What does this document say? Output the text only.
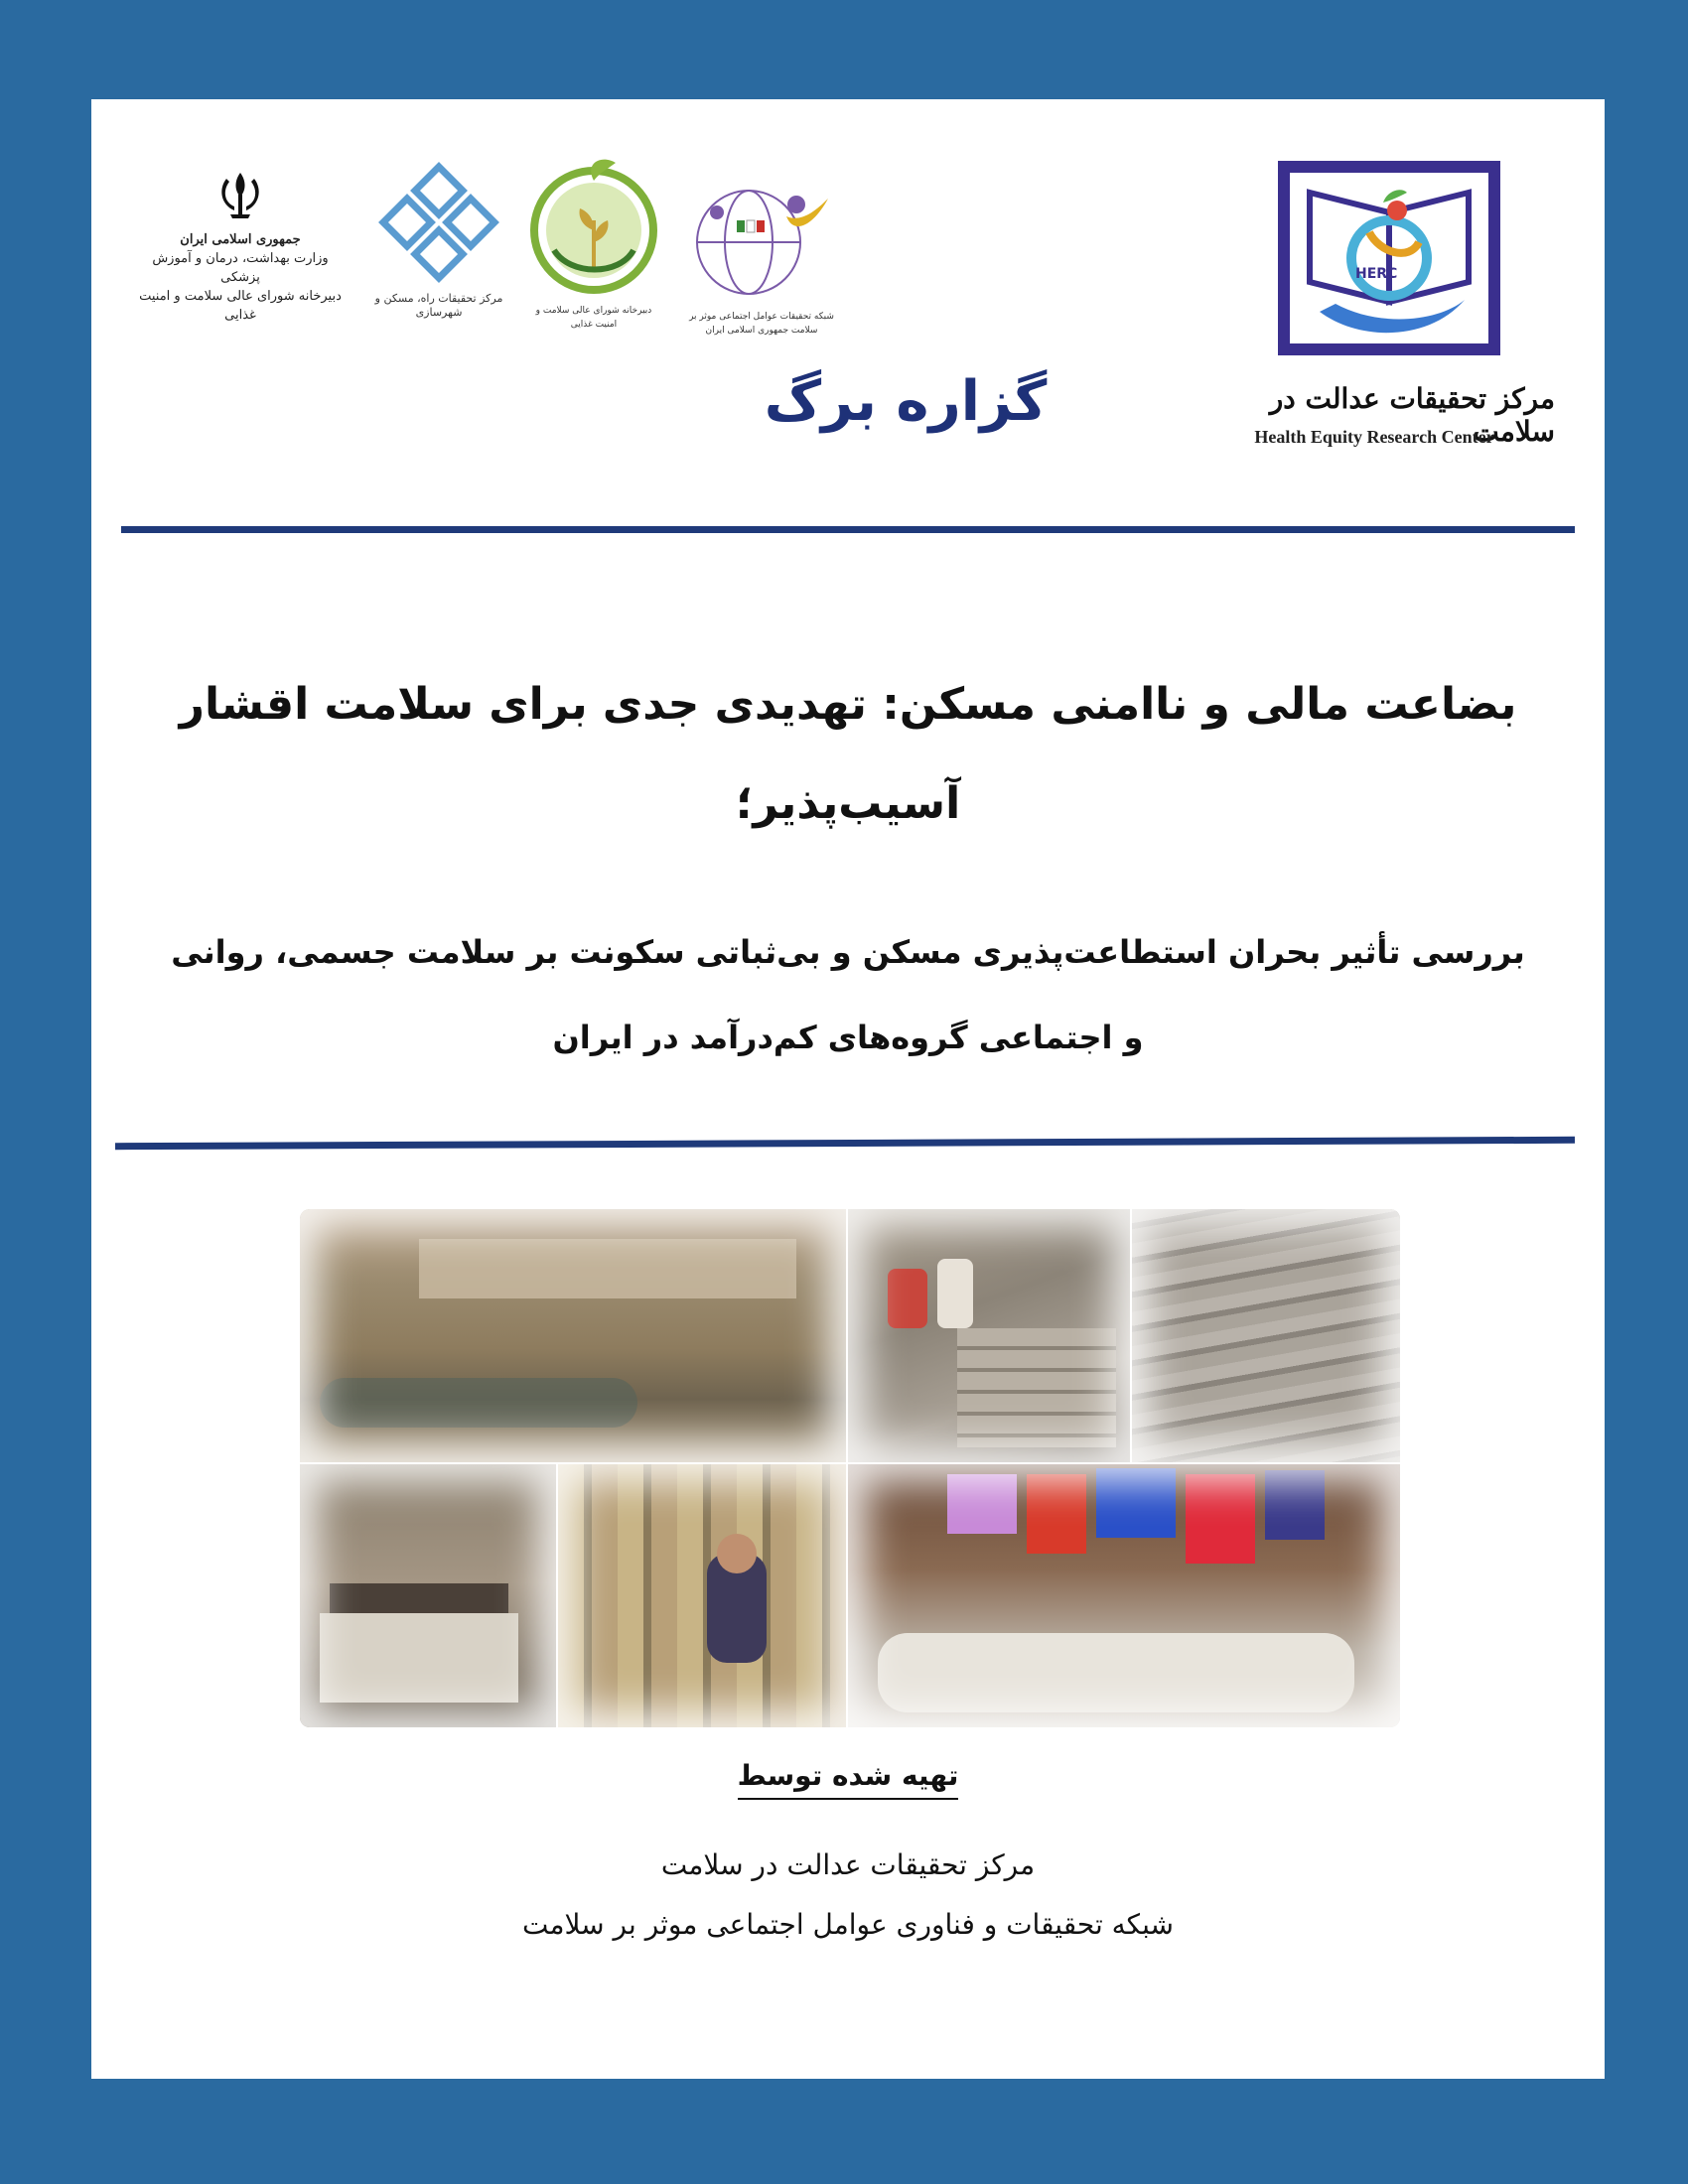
جمهوری اسلامی ایران
وزارت بهداشت، درمان و آموزش پزشکی
دبیرخانه شورای عالی سلامت و امنیت غذایی
مرکز تحقیقات راه، مسکن و شهرسازی	دبیرخانه شورای عالی سلامت و امنیت غذایی
شبکه تحقیقات عوامل اجتماعی موثر بر سلامت جمهوری اسلامی ایران
HERC
مرکز تحقیقات عدالت در سلامت
Health Equity Research Center
گزاره برگ
بضاعت مالی و ناامنی مسکن: تهدیدی جدی برای سلامت اقشار
آسیب‌پذیر؛
بررسی تأثیر بحران استطاعت‌پذیری مسکن و بی‌ثباتی سکونت بر سلامت جسمی، روانی
و اجتماعی گروه‌های کم‌درآمد در ایران
تهیه شده توسط
مرکز تحقیقات عدالت در سلامت
شبکه تحقیقات و فناوری عوامل اجتماعی موثر بر سلامت
